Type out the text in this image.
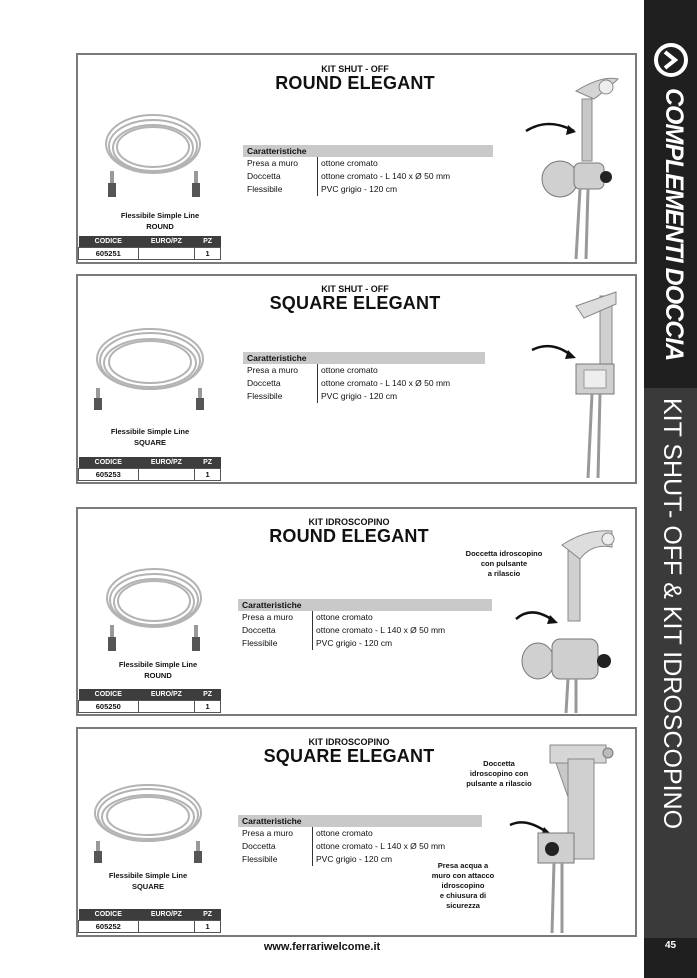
COMPLEMENTI DOCCIA
KIT SHUT- OFF & KIT IDROSCOPINO
45
www.ferrariwelcome.it
KIT SHUT - OFF
ROUND ELEGANT
Flessibile Simple Line
ROUND
CODICE	EURO/PZ	PZ
605251		1
Caratteristiche
Presa a muro	ottone cromato
Doccetta	ottone cromato - L 140 x Ø 50 mm
Flessibile	PVC grigio - 120 cm
KIT SHUT - OFF
SQUARE ELEGANT
Flessibile Simple Line
SQUARE
CODICE	EURO/PZ	PZ
605253		1
Caratteristiche
Presa a muro	ottone cromato
Doccetta	ottone cromato - L 140 x Ø 50 mm
Flessibile	PVC grigio - 120 cm
KIT IDROSCOPINO
ROUND ELEGANT
Flessibile Simple Line
ROUND
CODICE	EURO/PZ	PZ
605250		1
Caratteristiche
Presa a muro	ottone cromato
Doccetta	ottone cromato - L 140 x Ø 50 mm
Flessibile	PVC grigio - 120 cm
Doccetta idroscopino
con pulsante
a rilascio
KIT IDROSCOPINO
SQUARE ELEGANT
Flessibile Simple Line
SQUARE
CODICE	EURO/PZ	PZ
605252		1
Caratteristiche
Presa a muro	ottone cromato
Doccetta	ottone cromato - L 140 x Ø 50 mm
Flessibile	PVC grigio - 120 cm
Doccetta
idroscopino con
pulsante a rilascio
Presa acqua a
muro con attacco
idroscopino
e chiusura di
sicurezza
